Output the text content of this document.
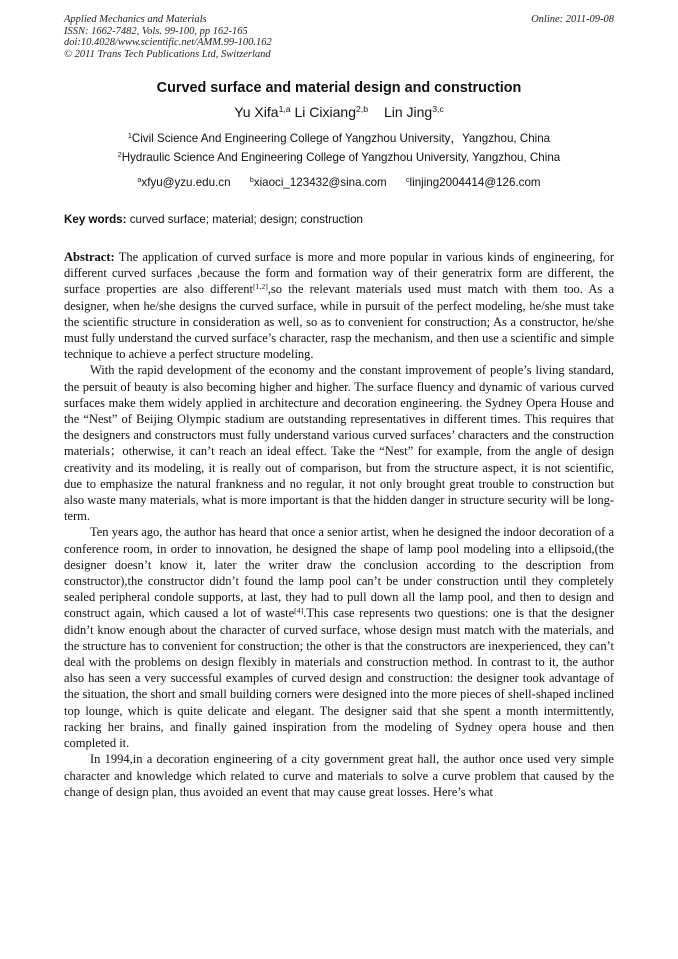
Applied Mechanics and Materials
ISSN: 1662-7482, Vols. 99-100, pp 162-165
doi:10.4028/www.scientific.net/AMM.99-100.162
© 2011 Trans Tech Publications Ltd, Switzerland
Online: 2011-09-08
Curved surface and material design and construction
Yu Xifa$^{1,a}$ Li Cixiang$^{2,b}$ Lin Jing$^{3,c}$
$^1$Civil Science And Engineering College of Yangzhou University，Yangzhou, China
$^2$Hydraulic Science And Engineering College of Yangzhou University, Yangzhou, China
$^a$xfyu@yzu.edu.cn	$^b$xiaoci_123432@sina.com	$^c$linjing2004414@126.com
Key words: curved surface; material; design; construction

Abstract: The application of curved surface is more and more popular in various kinds of engineering, for different curved surfaces ,because the form and formation way of their generatrix form are different, the surface properties are also different[1,2],so the relevant materials used must match with them too. As a designer, when he/she designs the curved surface, while in pursuit of the perfect modeling, he/she must take the scientific structure in consideration as well, so as to convenient for construction; As a constructor, he/she must fully understand the curved surface’s character, rasp the mechanism, and then use a scientific and simple technique to achieve a perfect structure modeling.

With the rapid development of the economy and the constant improvement of people’s living standard, the persuit of beauty is also becoming higher and higher. The surface fluency and dynamic of various curved surfaces make them widely applied in architecture and decoration engineering. the Sydney Opera House and the “Nest” of Beijing Olympic stadium are outstanding representatives in different times. This requires that the designers and constructors must fully understand various curved surfaces’ characters and the construction materials；otherwise, it can’t reach an ideal effect. Take the “Nest” for example, from the angle of design creativity and its modeling, it is really out of comparison, but from the structure aspect, it is not scientific, due to emphasize the natural frankness and no regular, it not only brought great trouble to construction but also waste many materials, what is more important is that the hidden danger in structure security will be long-term.

Ten years ago, the author has heard that once a senior artist, when he designed the indoor decoration of a conference room, in order to innovation, he designed the shape of lamp pool modeling into a ellipsoid,(the designer doesn’t know it, later the writer draw the conclusion according to the description from constructor),the constructor didn’t found the lamp pool can’t be under construction until they completely sealed peripheral condole supports, at last, they had to pull down all the lamp pool, and then to design and construct again, which caused a lot of waste[4].This case represents two questions: one is that the designer didn’t know enough about the character of curved surface, whose design must match with the materials, and the structure has to convenient for construction; the other is that the constructors are inexperienced, they can’t deal with the problems on design flexibly in materials and construction method. In contrast to it, the author also has seen a very successful examples of curved design and construction: the designer took advantage of the situation, the short and small building corners were designed into the more pieces of shell-shaped inclined top lounge, which is quite delicate and elegant. The designer said that she spent a month intermittently, racking her brains, and finally gained inspiration from the modeling of Sydney opera house and then completed it.

In 1994,in a decoration engineering of a city government great hall, the author once used very simple character and knowledge which related to curve and materials to solve a curve problem that caused by the change of design plan, thus avoided an event that may cause great losses. Here’s what
